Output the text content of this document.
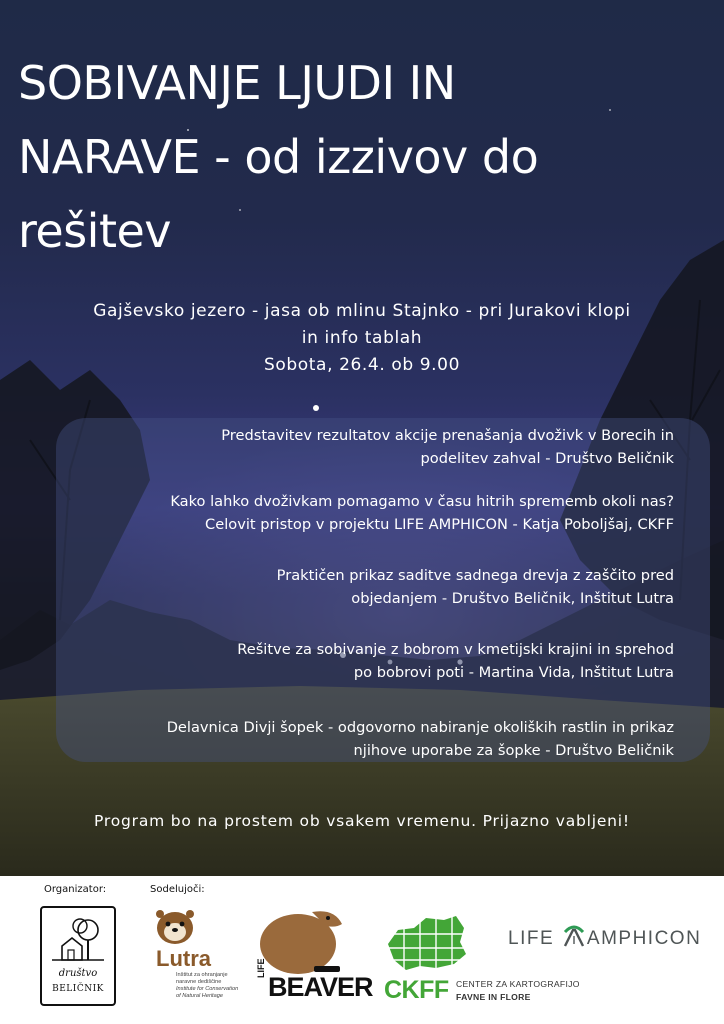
SOBIVANJE LJUDI IN NARAVE - od izzivov do rešitev

Gajševsko jezero - jasa ob mlinu Stajnko - pri Jurakovi klopi

in info tablah

Sobota, 26.4. ob 9.00

Predstavitev rezultatov akcije prenašanja dvoživk v Borecih in
podelitev zahval - Društvo Beličnik
Kako lahko dvoživkam pomagamo v času hitrih sprememb okoli nas?
Celovit pristop v projektu LIFE AMPHICON - Katja Poboljšaj, CKFF
Praktičen prikaz saditve sadnega drevja z zaščito pred
objedanjem - Društvo Beličnik, Inštitut Lutra
Rešitve za sobivanje z bobrom v kmetijski krajini in sprehod
po bobrovi poti - Martina Vida, Inštitut Lutra
Delavnica Divji šopek - odgovorno nabiranje okoliških rastlin in prikaz
njihove uporabe za šopke - Društvo Beličnik

Program bo na prostem ob vsakem vremenu. Prijazno vabljeni!

Organizator:	Sodelujoči:

društvo
BELIČNIK
Lutra
Inštitut za ohranjanje
naravne dediščine
Institute for Conservation
of Natural Heritage
LIFE
BEAVER CKFF CENTER ZA KARTOGRAFIJO
FAVNE IN FLORE
LIFE AMPHICON
